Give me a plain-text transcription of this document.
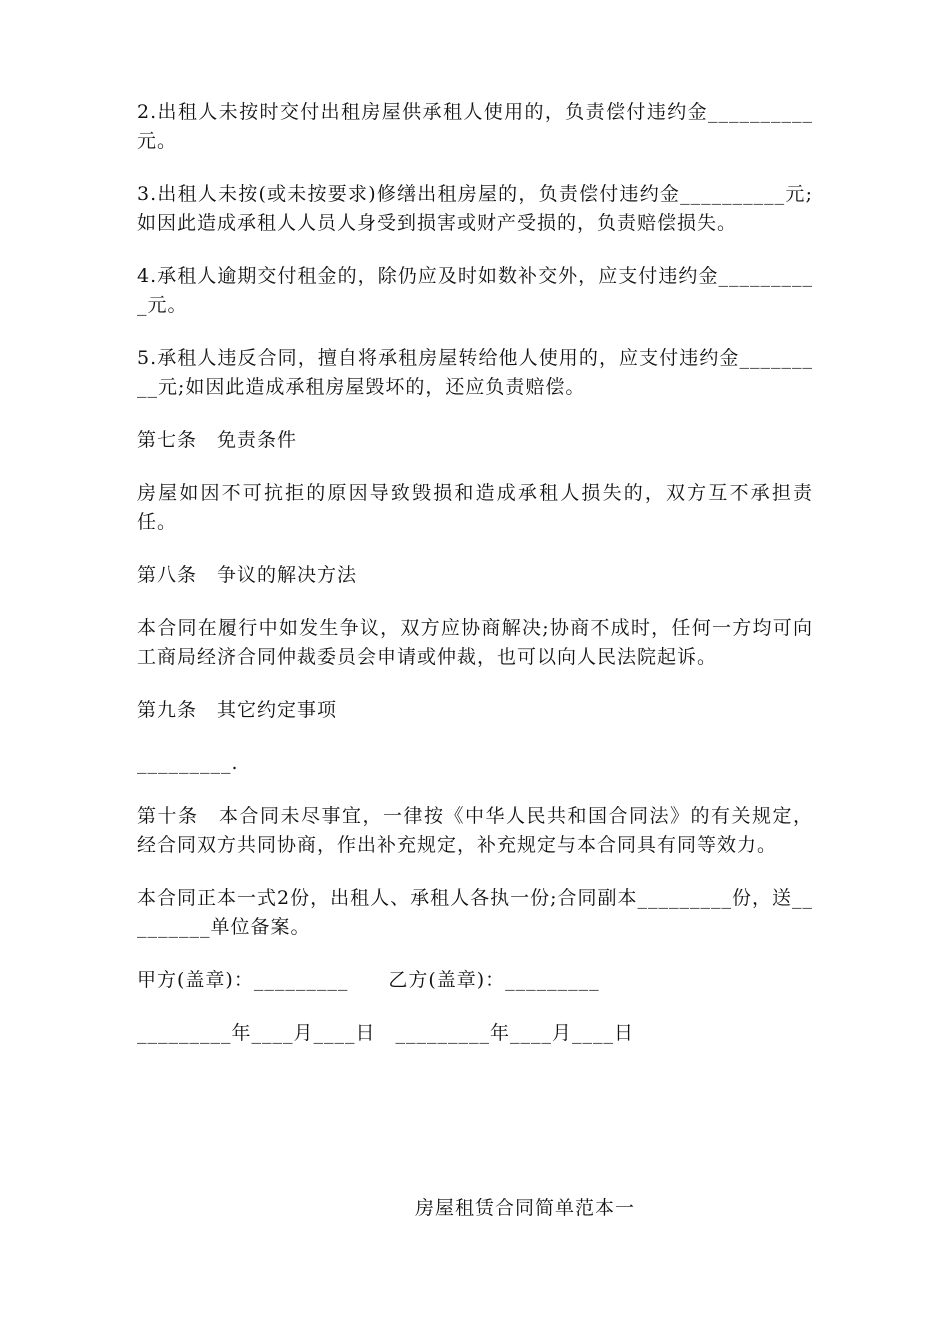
2.出租人未按时交付出租房屋供承租人使用的，负责偿付违约金__________元。

3.出租人未按(或未按要求)修缮出租房屋的，负责偿付违约金__________元;如因此造成承租人人员人身受到损害或财产受损的，负责赔偿损失。

4.承租人逾期交付租金的，除仍应及时如数补交外，应支付违约金__________元。

5.承租人违反合同，擅自将承租房屋转给他人使用的，应支付违约金_________元;如因此造成承租房屋毁坏的，还应负责赔偿。

第七条　免责条件

房屋如因不可抗拒的原因导致毁损和造成承租人损失的，双方互不承担责任。

第八条　争议的解决方法

本合同在履行中如发生争议，双方应协商解决;协商不成时，任何一方均可向工商局经济合同仲裁委员会申请或仲裁，也可以向人民法院起诉。

第九条　其它约定事项

_________.

第十条　本合同未尽事宜，一律按《中华人民共和国合同法》的有关规定，经合同双方共同协商，作出补充规定，补充规定与本合同具有同等效力。

本合同正本一式2份，出租人、承租人各执一份;合同副本_________份，送_________单位备案。

甲方(盖章)：_________　　乙方(盖章)：_________

_________年____月____日　_________年____月____日

房屋租赁合同简单范本一
